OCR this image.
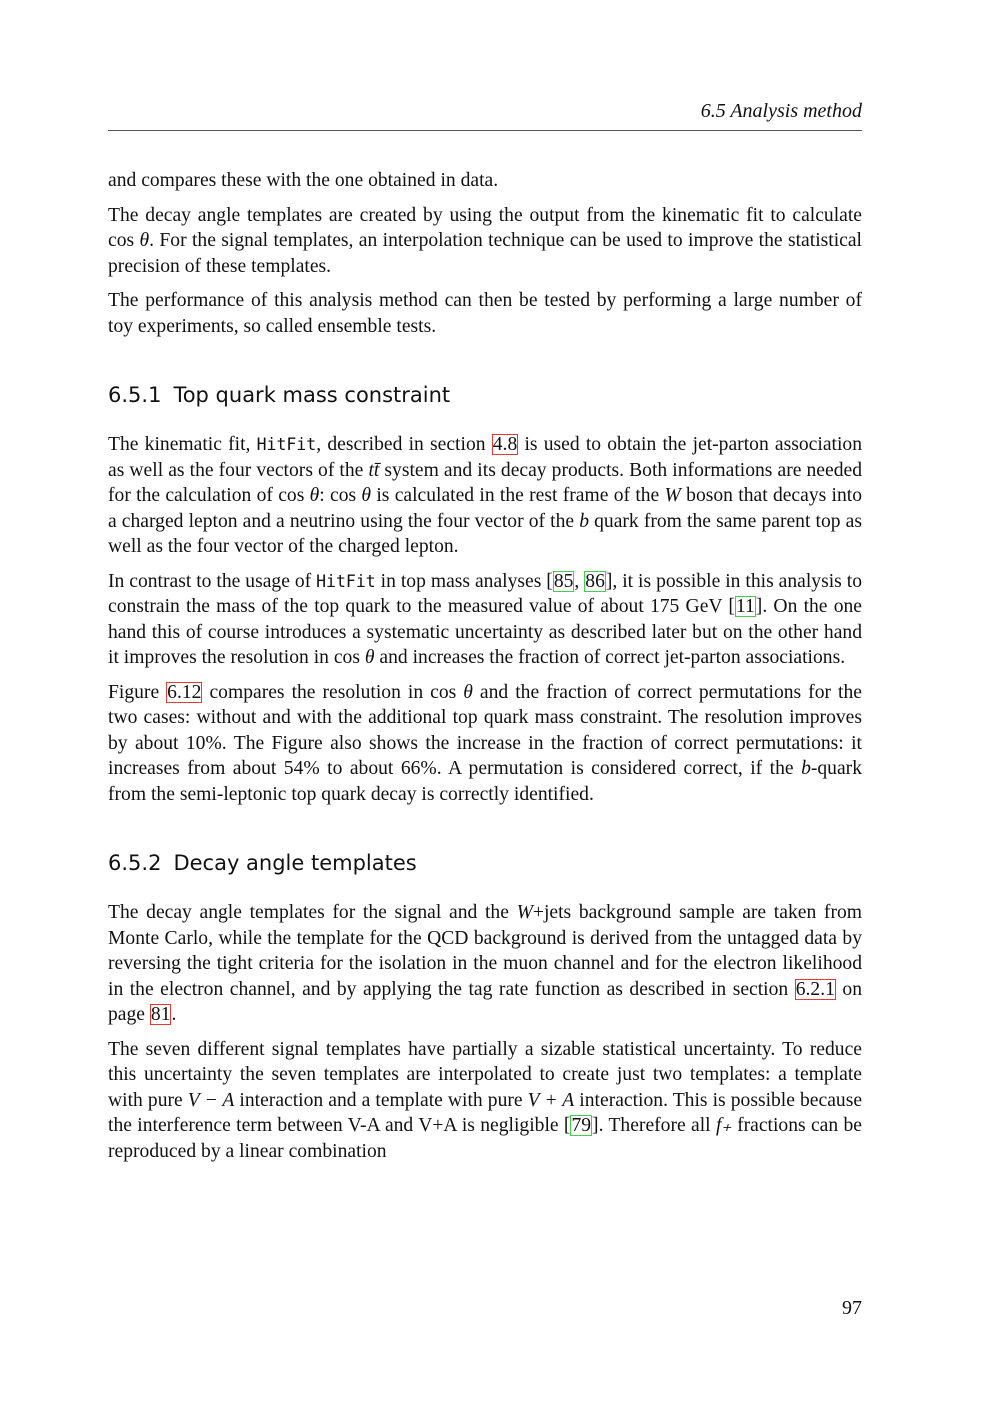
6.5 Analysis method

and compares these with the one obtained in data.

The decay angle templates are created by using the output from the kinematic fit to calculate cos θ. For the signal templates, an interpolation technique can be used to improve the statistical precision of these templates.

The performance of this analysis method can then be tested by performing a large number of toy experiments, so called ensemble tests.

6.5.1 Top quark mass constraint

The kinematic fit, HitFit, described in section 4.8 is used to obtain the jet-parton association as well as the four vectors of the tt̄ system and its decay products. Both informations are needed for the calculation of cos θ: cos θ is calculated in the rest frame of the W boson that decays into a charged lepton and a neutrino using the four vector of the b quark from the same parent top as well as the four vector of the charged lepton.

In contrast to the usage of HitFit in top mass analyses [85, 86], it is possible in this analysis to constrain the mass of the top quark to the measured value of about 175 GeV [11]. On the one hand this of course introduces a systematic uncertainty as described later but on the other hand it improves the resolution in cos θ and increases the fraction of correct jet-parton associations.

Figure 6.12 compares the resolution in cos θ and the fraction of correct permutations for the two cases: without and with the additional top quark mass constraint. The resolution improves by about 10%. The Figure also shows the increase in the fraction of correct permutations: it increases from about 54% to about 66%. A permutation is considered correct, if the b-quark from the semi-leptonic top quark decay is correctly identified.

6.5.2 Decay angle templates

The decay angle templates for the signal and the W+jets background sample are taken from Monte Carlo, while the template for the QCD background is derived from the untagged data by reversing the tight criteria for the isolation in the muon channel and for the electron likelihood in the electron channel, and by applying the tag rate function as described in section 6.2.1 on page 81.

The seven different signal templates have partially a sizable statistical uncertainty. To reduce this uncertainty the seven templates are interpolated to create just two templates: a template with pure V − A interaction and a template with pure V + A interaction. This is possible because the interference term between V-A and V+A is negligible [79]. Therefore all f₊ fractions can be reproduced by a linear combination

97
